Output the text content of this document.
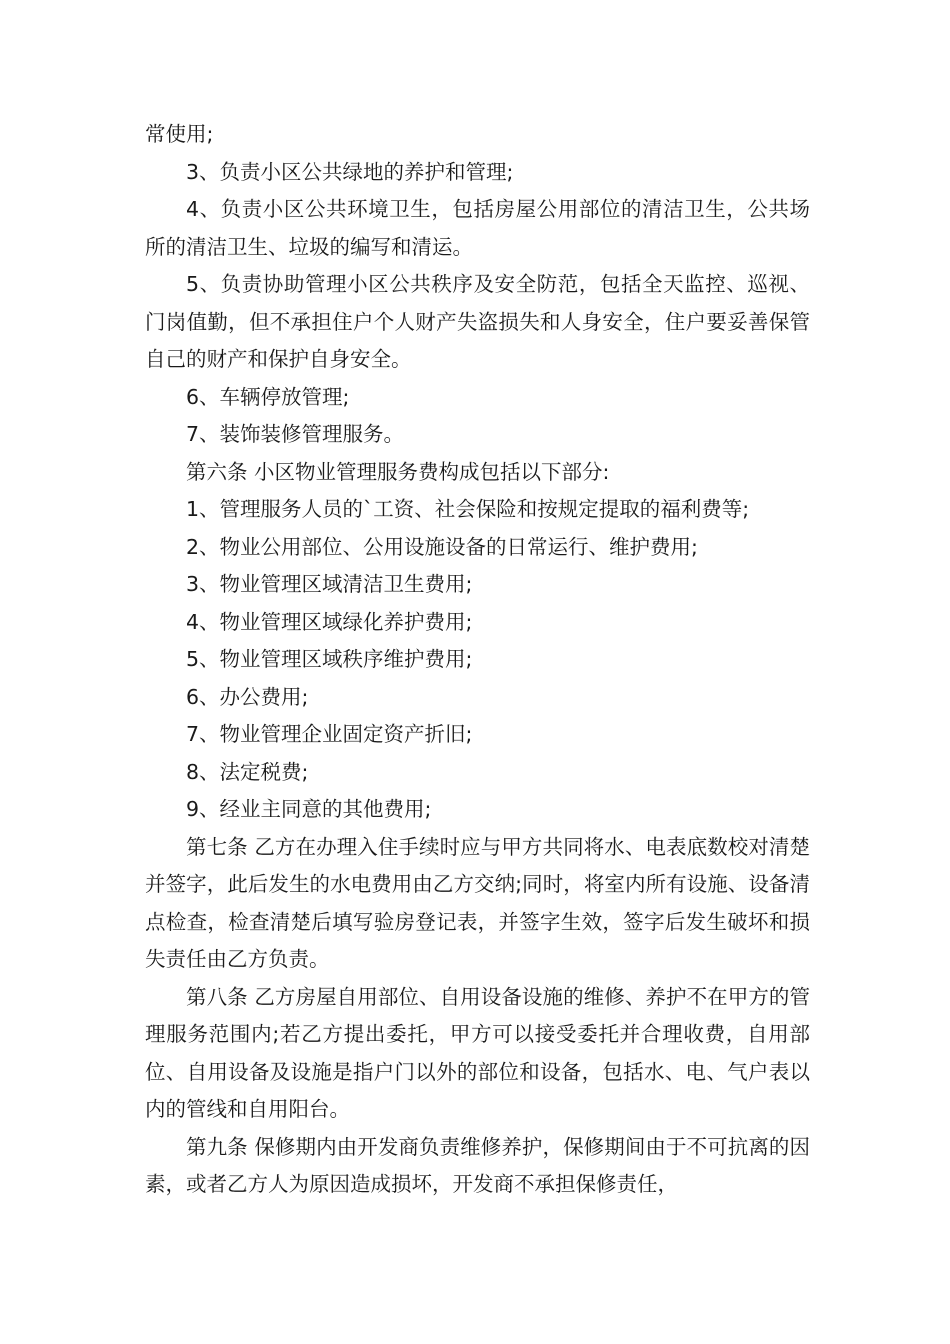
常使用;

3、负责小区公共绿地的养护和管理;

4、负责小区公共环境卫生，包括房屋公用部位的清洁卫生，公共场所的清洁卫生、垃圾的编写和清运。

5、负责协助管理小区公共秩序及安全防范，包括全天监控、巡视、门岗值勤，但不承担住户个人财产失盗损失和人身安全，住户要妥善保管自己的财产和保护自身安全。

6、车辆停放管理;

7、装饰装修管理服务。

第六条 小区物业管理服务费构成包括以下部分:

1、管理服务人员的`工资、社会保险和按规定提取的福利费等;

2、物业公用部位、公用设施设备的日常运行、维护费用;

3、物业管理区域清洁卫生费用;

4、物业管理区域绿化养护费用;

5、物业管理区域秩序维护费用;

6、办公费用;

7、物业管理企业固定资产折旧;

8、法定税费;

9、经业主同意的其他费用;

第七条 乙方在办理入住手续时应与甲方共同将水、电表底数校对清楚并签字，此后发生的水电费用由乙方交纳;同时，将室内所有设施、设备清点检查，检查清楚后填写验房登记表，并签字生效，签字后发生破坏和损失责任由乙方负责。

第八条 乙方房屋自用部位、自用设备设施的维修、养护不在甲方的管理服务范围内;若乙方提出委托，甲方可以接受委托并合理收费，自用部位、自用设备及设施是指户门以外的部位和设备，包括水、电、气户表以内的管线和自用阳台。

第九条 保修期内由开发商负责维修养护，保修期间由于不可抗离的因素，或者乙方人为原因造成损坏，开发商不承担保修责任，
